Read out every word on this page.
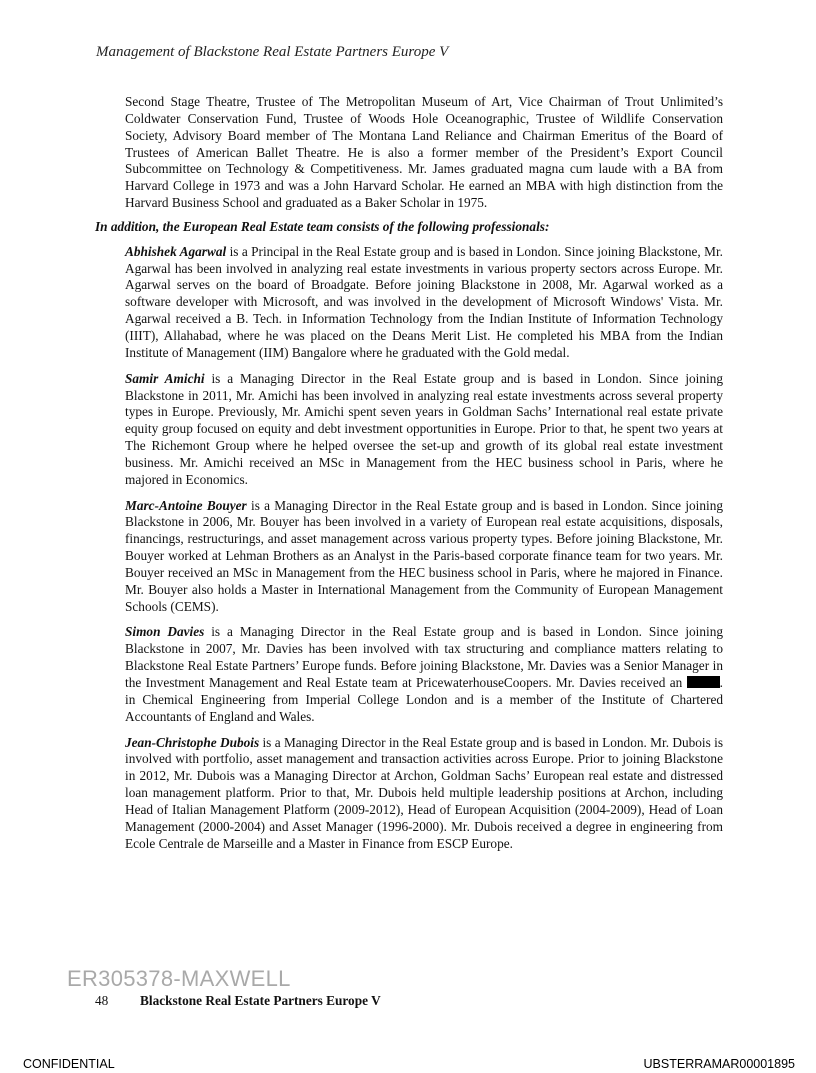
Management of Blackstone Real Estate Partners Europe V

Second Stage Theatre, Trustee of The Metropolitan Museum of Art, Vice Chairman of Trout Unlimited’s Coldwater Conservation Fund, Trustee of Woods Hole Oceanographic, Trustee of Wildlife Conservation Society, Advisory Board member of The Montana Land Reliance and Chairman Emeritus of the Board of Trustees of American Ballet Theatre. He is also a former member of the President’s Export Council Subcommittee on Technology & Competitiveness. Mr. James graduated magna cum laude with a BA from Harvard College in 1973 and was a John Harvard Scholar. He earned an MBA with high distinction from the Harvard Business School and graduated as a Baker Scholar in 1975.

In addition, the European Real Estate team consists of the following professionals:

Abhishek Agarwal is a Principal in the Real Estate group and is based in London. Since joining Blackstone, Mr. Agarwal has been involved in analyzing real estate investments in various property sectors across Europe. Mr. Agarwal serves on the board of Broadgate. Before joining Blackstone in 2008, Mr. Agarwal worked as a software developer with Microsoft, and was involved in the development of Microsoft Windows' Vista. Mr. Agarwal received a B. Tech. in Information Technology from the Indian Institute of Information Technology (IIIT), Allahabad, where he was placed on the Deans Merit List. He completed his MBA from the Indian Institute of Management (IIM) Bangalore where he graduated with the Gold medal.

Samir Amichi is a Managing Director in the Real Estate group and is based in London. Since joining Blackstone in 2011, Mr. Amichi has been involved in analyzing real estate investments across several property types in Europe. Previously, Mr. Amichi spent seven years in Goldman Sachs’ International real estate private equity group focused on equity and debt investment opportunities in Europe. Prior to that, he spent two years at The Richemont Group where he helped oversee the set-up and growth of its global real estate investment business. Mr. Amichi received an MSc in Management from the HEC business school in Paris, where he majored in Economics.

Marc-Antoine Bouyer is a Managing Director in the Real Estate group and is based in London. Since joining Blackstone in 2006, Mr. Bouyer has been involved in a variety of European real estate acquisitions, disposals, financings, restructurings, and asset management across various property types. Before joining Blackstone, Mr. Bouyer worked at Lehman Brothers as an Analyst in the Paris-based corporate finance team for two years. Mr. Bouyer received an MSc in Management from the HEC business school in Paris, where he majored in Finance. Mr. Bouyer also holds a Master in International Management from the Community of European Management Schools (CEMS).

Simon Davies is a Managing Director in the Real Estate group and is based in London. Since joining Blackstone in 2007, Mr. Davies has been involved with tax structuring and compliance matters relating to Blackstone Real Estate Partners’ Europe funds. Before joining Blackstone, Mr. Davies was a Senior Manager in the Investment Management and Real Estate team at PricewaterhouseCoopers. Mr. Davies received an . in Chemical Engineering from Imperial College London and is a member of the Institute of Chartered Accountants of England and Wales.

Jean-Christophe Dubois is a Managing Director in the Real Estate group and is based in London. Mr. Dubois is involved with portfolio, asset management and transaction activities across Europe. Prior to joining Blackstone in 2012, Mr. Dubois was a Managing Director at Archon, Goldman Sachs’ European real estate and distressed loan management platform. Prior to that, Mr. Dubois held multiple leadership positions at Archon, including Head of Italian Management Platform (2009-2012), Head of European Acquisition (2004-2009), Head of Loan Management (2000-2004) and Asset Manager (1996-2000). Mr. Dubois received a degree in engineering from Ecole Centrale de Marseille and a Master in Finance from ESCP Europe.

ER305378-MAXWELL
48 Blackstone Real Estate Partners Europe V
CONFIDENTIAL	UBSTERRAMAR00001895
